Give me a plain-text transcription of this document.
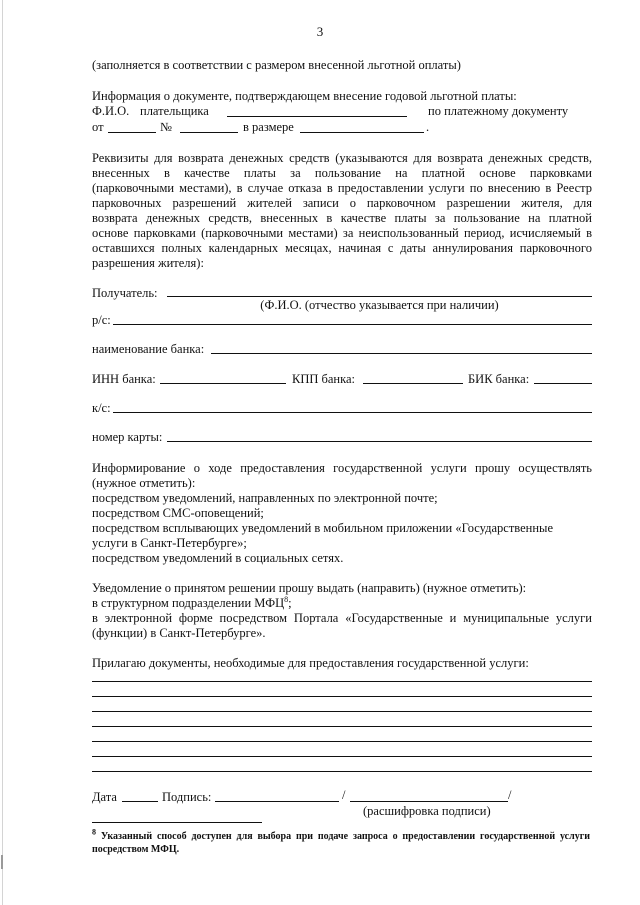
3
(заполняется в соответствии с размером внесенной льготной оплаты)
Информация о документе, подтверждающем внесение годовой льготной платы:
Ф.И.О. плательщика	по платежному документу
от	№	в размере	.
Реквизиты для возврата денежных средств (указываются для возврата денежных средств,
внесенных в качестве платы за пользование на платной основе парковками
(парковочными местами), в случае отказа в предоставлении услуги по внесению в Реестр
парковочных разрешений жителей записи о парковочном разрешении жителя, для
возврата денежных средств, внесенных в качестве платы за пользование на платной
основе парковками (парковочными местами) за неиспользованный период, исчисляемый в
оставшихся полных календарных месяцах, начиная с даты аннулирования парковочного
разрешения жителя):
Получатель:
(Ф.И.О. (отчество указывается при наличии)
р/с:
наименование банка:
ИНН банка:	КПП банка:	БИК банка:
к/с:
номер карты:
Информирование о ходе предоставления государственной услуги прошу осуществлять
(нужное отметить):
посредством уведомлений, направленных по электронной почте;
посредством СМС-оповещений;
посредством всплывающих уведомлений в мобильном приложении «Государственные
услуги в Санкт-Петербурге»;
посредством уведомлений в социальных сетях.
Уведомление о принятом решении прошу выдать (направить) (нужное отметить):
в структурном подразделении МФЦ$^8$;
в электронной форме посредством Портала «Государственные и муниципальные услуги
(функции) в Санкт-Петербурге».
Прилагаю документы, необходимые для предоставления государственной услуги:
Дата	Подпись:	/	/
(расшифровка подписи)
$^8$ Указанный способ доступен для выбора при подаче запроса о предоставлении государственной услуги посредством МФЦ.
